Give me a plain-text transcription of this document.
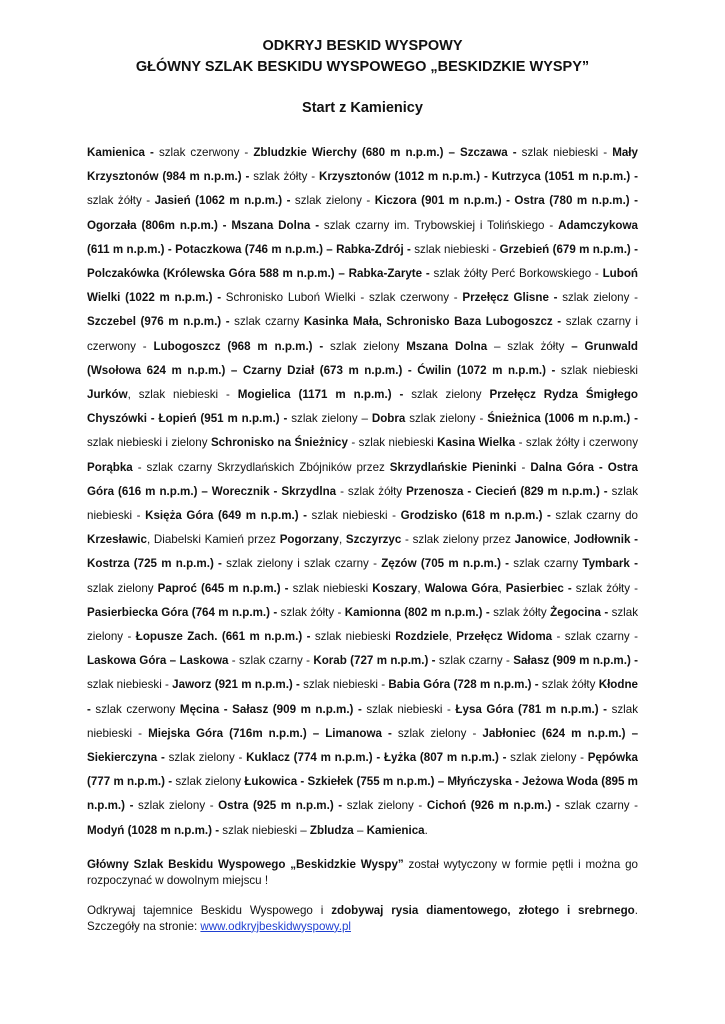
ODKRYJ BESKID WYSPOWY
GŁÓWNY SZLAK BESKIDU WYSPOWEGO „BESKIDZKIE WYSPY”

Start z Kamienicy

Kamienica - szlak czerwony - Zbludzkie Wierchy (680 m n.p.m.) – Szczawa - szlak niebieski - Mały Krzysztonów (984 m n.p.m.) - szlak żółty - Krzysztonów (1012 m n.p.m.) - Kutrzyca (1051 m n.p.m.) - szlak żółty - Jasień (1062 m n.p.m.) - szlak zielony - Kiczora (901 m n.p.m.) - Ostra (780 m n.p.m.) - Ogorzała (806m n.p.m.) - Mszana Dolna - szlak czarny im. Trybowskiej i Tolińskiego - Adamczykowa (611 m n.p.m.) - Potaczkowa (746 m n.p.m.) – Rabka-Zdrój - szlak niebieski - Grzebień (679 m n.p.m.) - Polczakówka (Królewska Góra 588 m n.p.m.) – Rabka-Zaryte - szlak żółty Perć Borkowskiego - Luboń Wielki (1022 m n.p.m.) - Schronisko Luboń Wielki - szlak czerwony - Przełęcz Glisne - szlak zielony - Szczebel (976 m n.p.m.) - szlak czarny Kasinka Mała, Schronisko Baza Lubogoszcz - szlak czarny i czerwony - Lubogoszcz (968 m n.p.m.) - szlak zielony Mszana Dolna – szlak żółty – Grunwald (Wsołowa 624 m n.p.m.) – Czarny Dział (673 m n.p.m.) - Ćwilin (1072 m n.p.m.) - szlak niebieski Jurków, szlak niebieski - Mogielica (1171 m n.p.m.) - szlak zielony Przełęcz Rydza Śmigłego Chyszówki - Łopień (951 m n.p.m.) - szlak zielony – Dobra szlak zielony - Śnieżnica (1006 m n.p.m.) - szlak niebieski i zielony Schronisko na Śnieżnicy - szlak niebieski Kasina Wielka - szlak żółty i czerwony Porąbka - szlak czarny Skrzydlańskich Zbójników przez Skrzydlańskie Pieninki - Dalna Góra - Ostra Góra (616 m n.p.m.) – Worecznik - Skrzydlna - szlak żółty Przenosza - Ciecień (829 m n.p.m.) - szlak niebieski - Księża Góra (649 m n.p.m.) - szlak niebieski - Grodzisko (618 m n.p.m.) - szlak czarny do Krzesławic, Diabelski Kamień przez Pogorzany, Szczyrzyc - szlak zielony przez Janowice, Jodłownik - Kostrza (725 m n.p.m.) - szlak zielony i szlak czarny - Zęzów (705 m n.p.m.) - szlak czarny Tymbark - szlak zielony Paproć (645 m n.p.m.) - szlak niebieski Koszary, Walowa Góra, Pasierbiec - szlak żółty - Pasierbiecka Góra (764 m n.p.m.) - szlak żółty - Kamionna (802 m n.p.m.) - szlak żółty Żegocina - szlak zielony - Łopusze Zach. (661 m n.p.m.) - szlak niebieski Rozdziele, Przełęcz Widoma - szlak czarny - Laskowa Góra – Laskowa - szlak czarny - Korab (727 m n.p.m.) - szlak czarny - Sałasz (909 m n.p.m.) - szlak niebieski - Jaworz (921 m n.p.m.) - szlak niebieski - Babia Góra (728 m n.p.m.) - szlak żółty Kłodne - szlak czerwony Męcina - Sałasz (909 m n.p.m.) - szlak niebieski - Łysa Góra (781 m n.p.m.) - szlak niebieski - Miejska Góra (716m n.p.m.) – Limanowa - szlak zielony - Jabłoniec (624 m n.p.m.) – Siekierczyna - szlak zielony - Kuklacz (774 m n.p.m.) - Łyżka (807 m n.p.m.) - szlak zielony - Pępówka (777 m n.p.m.) - szlak zielony Łukowica - Szkiełek (755 m n.p.m.) – Młyńczyska - Jeżowa Woda (895 m n.p.m.) - szlak zielony - Ostra (925 m n.p.m.) - szlak zielony - Cichoń (926 m n.p.m.) - szlak czarny - Modyń (1028 m n.p.m.) - szlak niebieski – Zbludza – Kamienica.

Główny Szlak Beskidu Wyspowego „Beskidzkie Wyspy” został wytyczony w formie pętli i można go rozpoczynać w dowolnym miejscu !

Odkrywaj tajemnice Beskidu Wyspowego i zdobywaj rysia diamentowego, złotego i srebrnego. Szczegóły na stronie: www.odkryjbeskidwyspowy.pl
